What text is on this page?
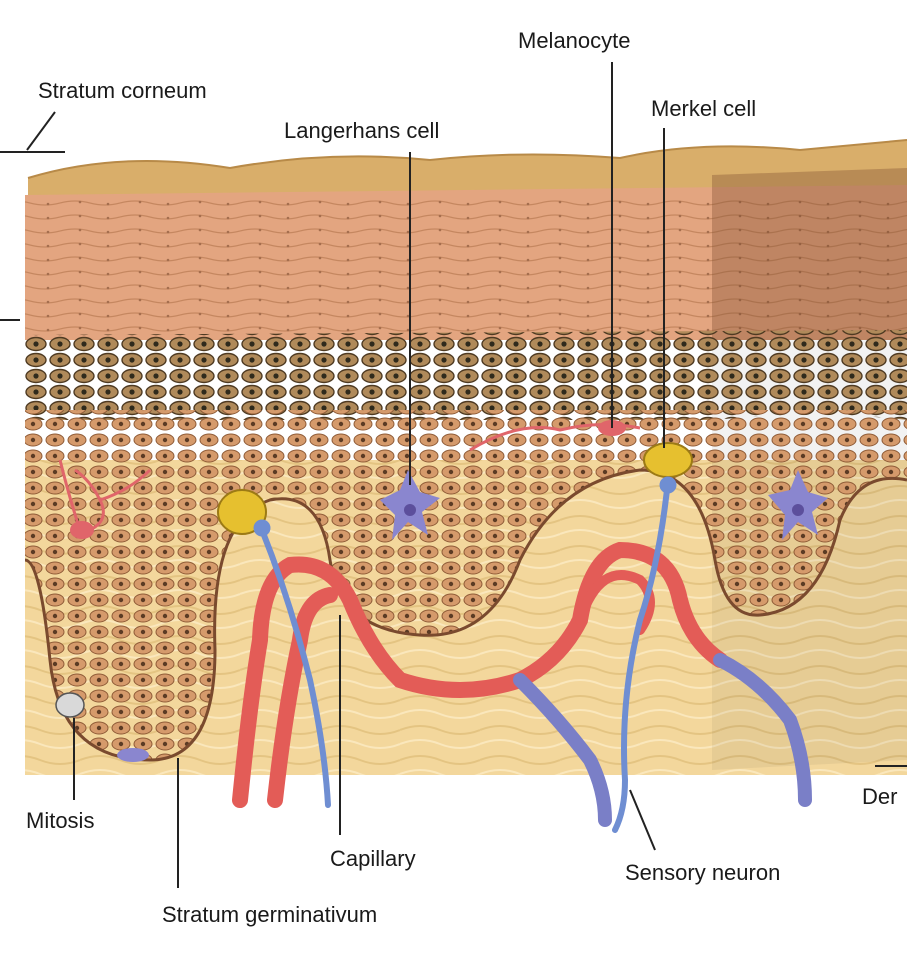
Stratum corneum
Langerhans cell
Melanocyte
Merkel cell
Mitosis
Capillary
Sensory neuron
Stratum germinativum
Der
